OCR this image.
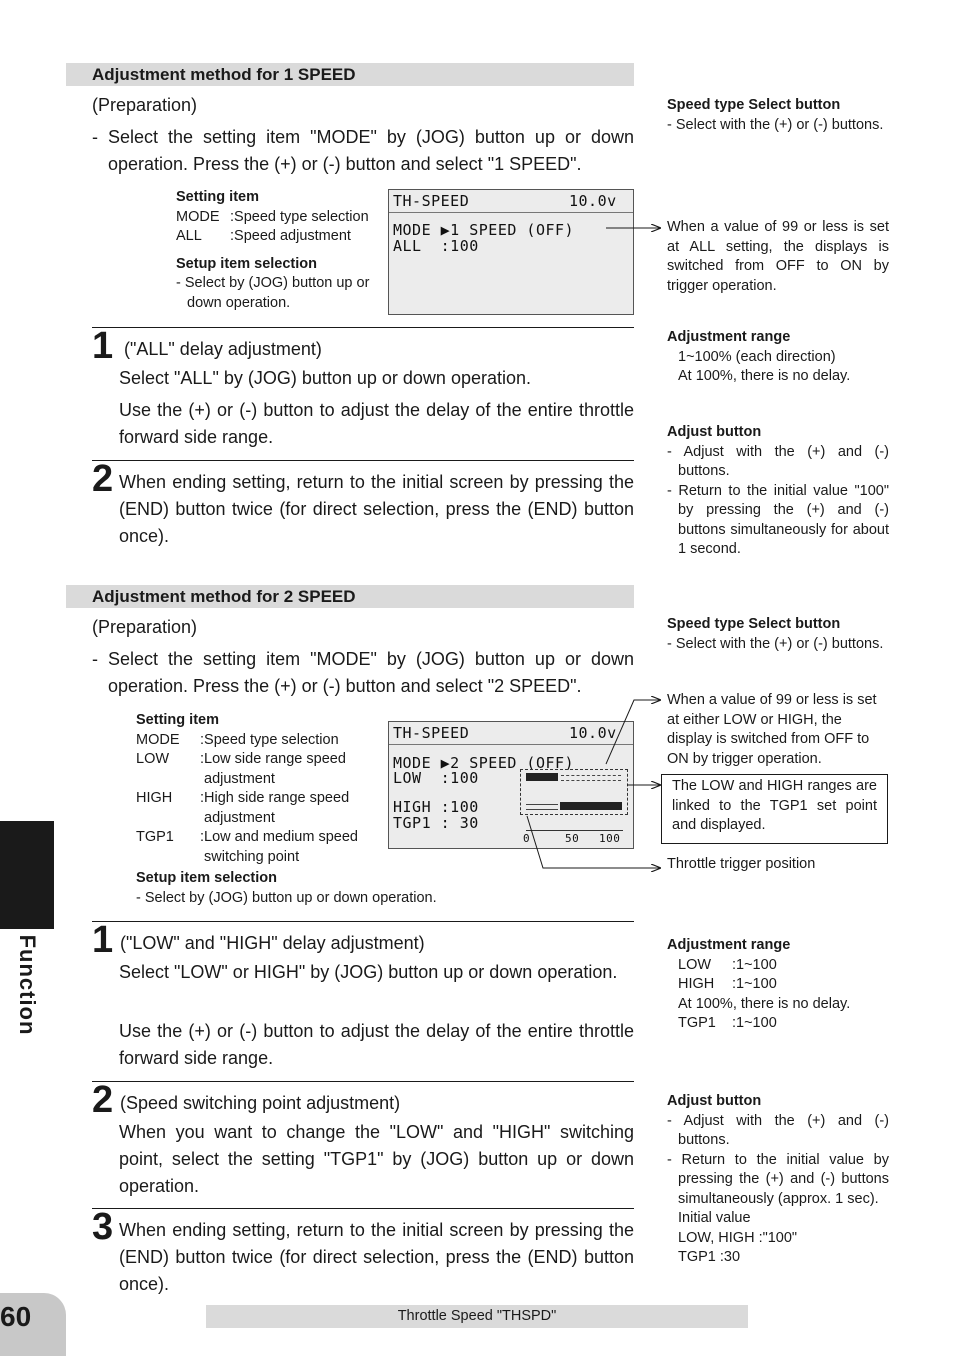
Adjustment method for 1 SPEED
(Preparation)
- Select the setting item "MODE" by (JOG) button up or down operation. Press the (+) or (-) button and select "1 SPEED".
Setting item
MODE :Speed type selection
ALL :Speed adjustment
Setup item selection
- Select by (JOG) button up or down operation.
TH-SPEED	10.0v
MODE ▶1 SPEED (OFF)
ALL  :100
1 ("ALL" delay adjustment)
Select "ALL" by (JOG) button up or down operation.
Use the (+) or (-) button to adjust the delay of the entire throttle forward side range.
2 When ending setting, return to the initial screen by pressing the (END) button twice (for direct selection, press the (END) button once).
Speed type Select button
- Select with the (+) or (-) buttons.
When a value of 99 or less is set at ALL setting, the displays is switched from OFF to ON by trigger operation.
Adjustment range
1~100% (each direction)
At 100%, there is no delay.
Adjust button
- Adjust with the (+) and (-) buttons.
- Return to the initial value "100" by pressing the (+) and (-) buttons simultaneously for about 1 second.
Adjustment method for 2 SPEED
(Preparation)
- Select the setting item "MODE" by (JOG) button up or down operation. Press the (+) or (-) button and select "2 SPEED".
Setting item
MODE :Speed type selection
LOW :Low side range speed
adjustment
HIGH :High side range speed
adjustment
TGP1 :Low and medium speed
switching point
Setup item selection
- Select by (JOG) button up or down operation.
TH-SPEED	10.0v
MODE ▶2 SPEED (OFF)
LOW  :100
HIGH :100
TGP1 : 30
0	50 100
1 ("LOW" and "HIGH" delay adjustment)
Select "LOW" or HIGH" by (JOG) button up or down operation.
Use the (+) or (-) button to adjust the delay of the entire throttle forward side range.
2 (Speed switching point adjustment)
When you want to change the "LOW" and "HIGH" switching point, select the setting "TGP1" by (JOG) button up or down operation.
3 When ending setting, return to the initial screen by pressing the (END) button twice (for direct selection, press the (END) button once).
Speed type Select button
- Select with the (+) or (-) buttons.
When a value of 99 or less is set at either LOW or HIGH, the display is switched from OFF to ON by trigger operation.
The LOW and HIGH ranges are linked to the TGP1 set point and displayed.
Throttle trigger position
Adjustment range
LOW :1~100
HIGH :1~100
At 100%, there is no delay.
TGP1 :1~100
Adjust button
- Adjust with the (+) and (-) buttons.
- Return to the initial value by pressing the (+) and (-) buttons simultaneously (approx. 1 sec).
Initial value
LOW, HIGH :"100"
TGP1 :30
Function
60	Throttle Speed "THSPD"
